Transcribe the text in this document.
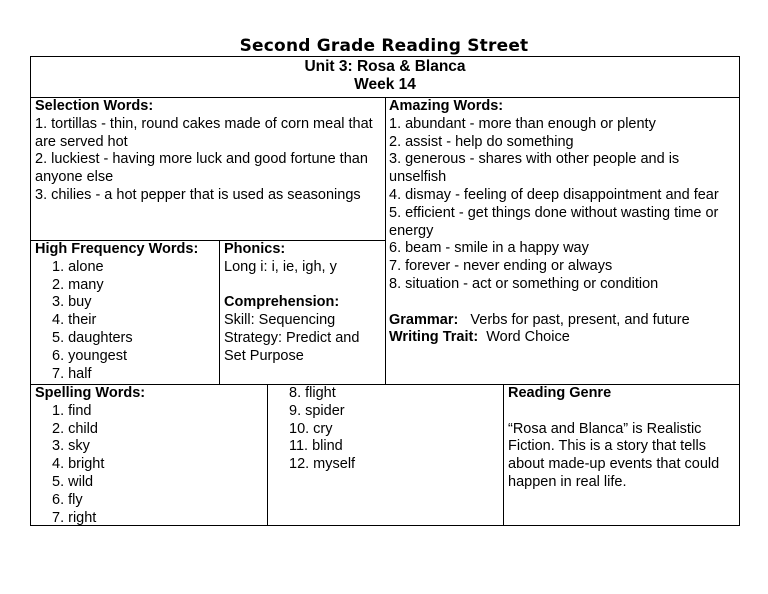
Second Grade Reading Street
Unit 3: Rosa & Blanca
Week 14
Selection Words:
1. tortillas - thin, round cakes made of corn meal that are served hot
2. luckiest - having more luck and good fortune than anyone else
3. chilies - a hot pepper that is used as seasonings
Amazing Words:
1. abundant - more than enough or plenty
2. assist - help do something
3. generous - shares with other people and is unselfish
4. dismay - feeling of deep disappointment and fear
5. efficient - get things done without wasting time or energy
6. beam - smile in a happy way
7. forever - never ending or always
8. situation - act or something or condition
Grammar: Verbs for past, present, and future
Writing Trait: Word Choice
High Frequency Words:
1. alone
2. many
3. buy
4. their
5. daughters
6. youngest
7. half
Phonics:
Long i: i, ie, igh, y
Comprehension:
Skill: Sequencing
Strategy: Predict and Set Purpose
Spelling Words:
1. find
2. child
3. sky
4. bright
5. wild
6. fly
7. right
8. flight
9. spider
10. cry
11. blind
12. myself
Reading Genre
“Rosa and Blanca” is Realistic Fiction. This is a story that tells about made-up events that could happen in real life.
